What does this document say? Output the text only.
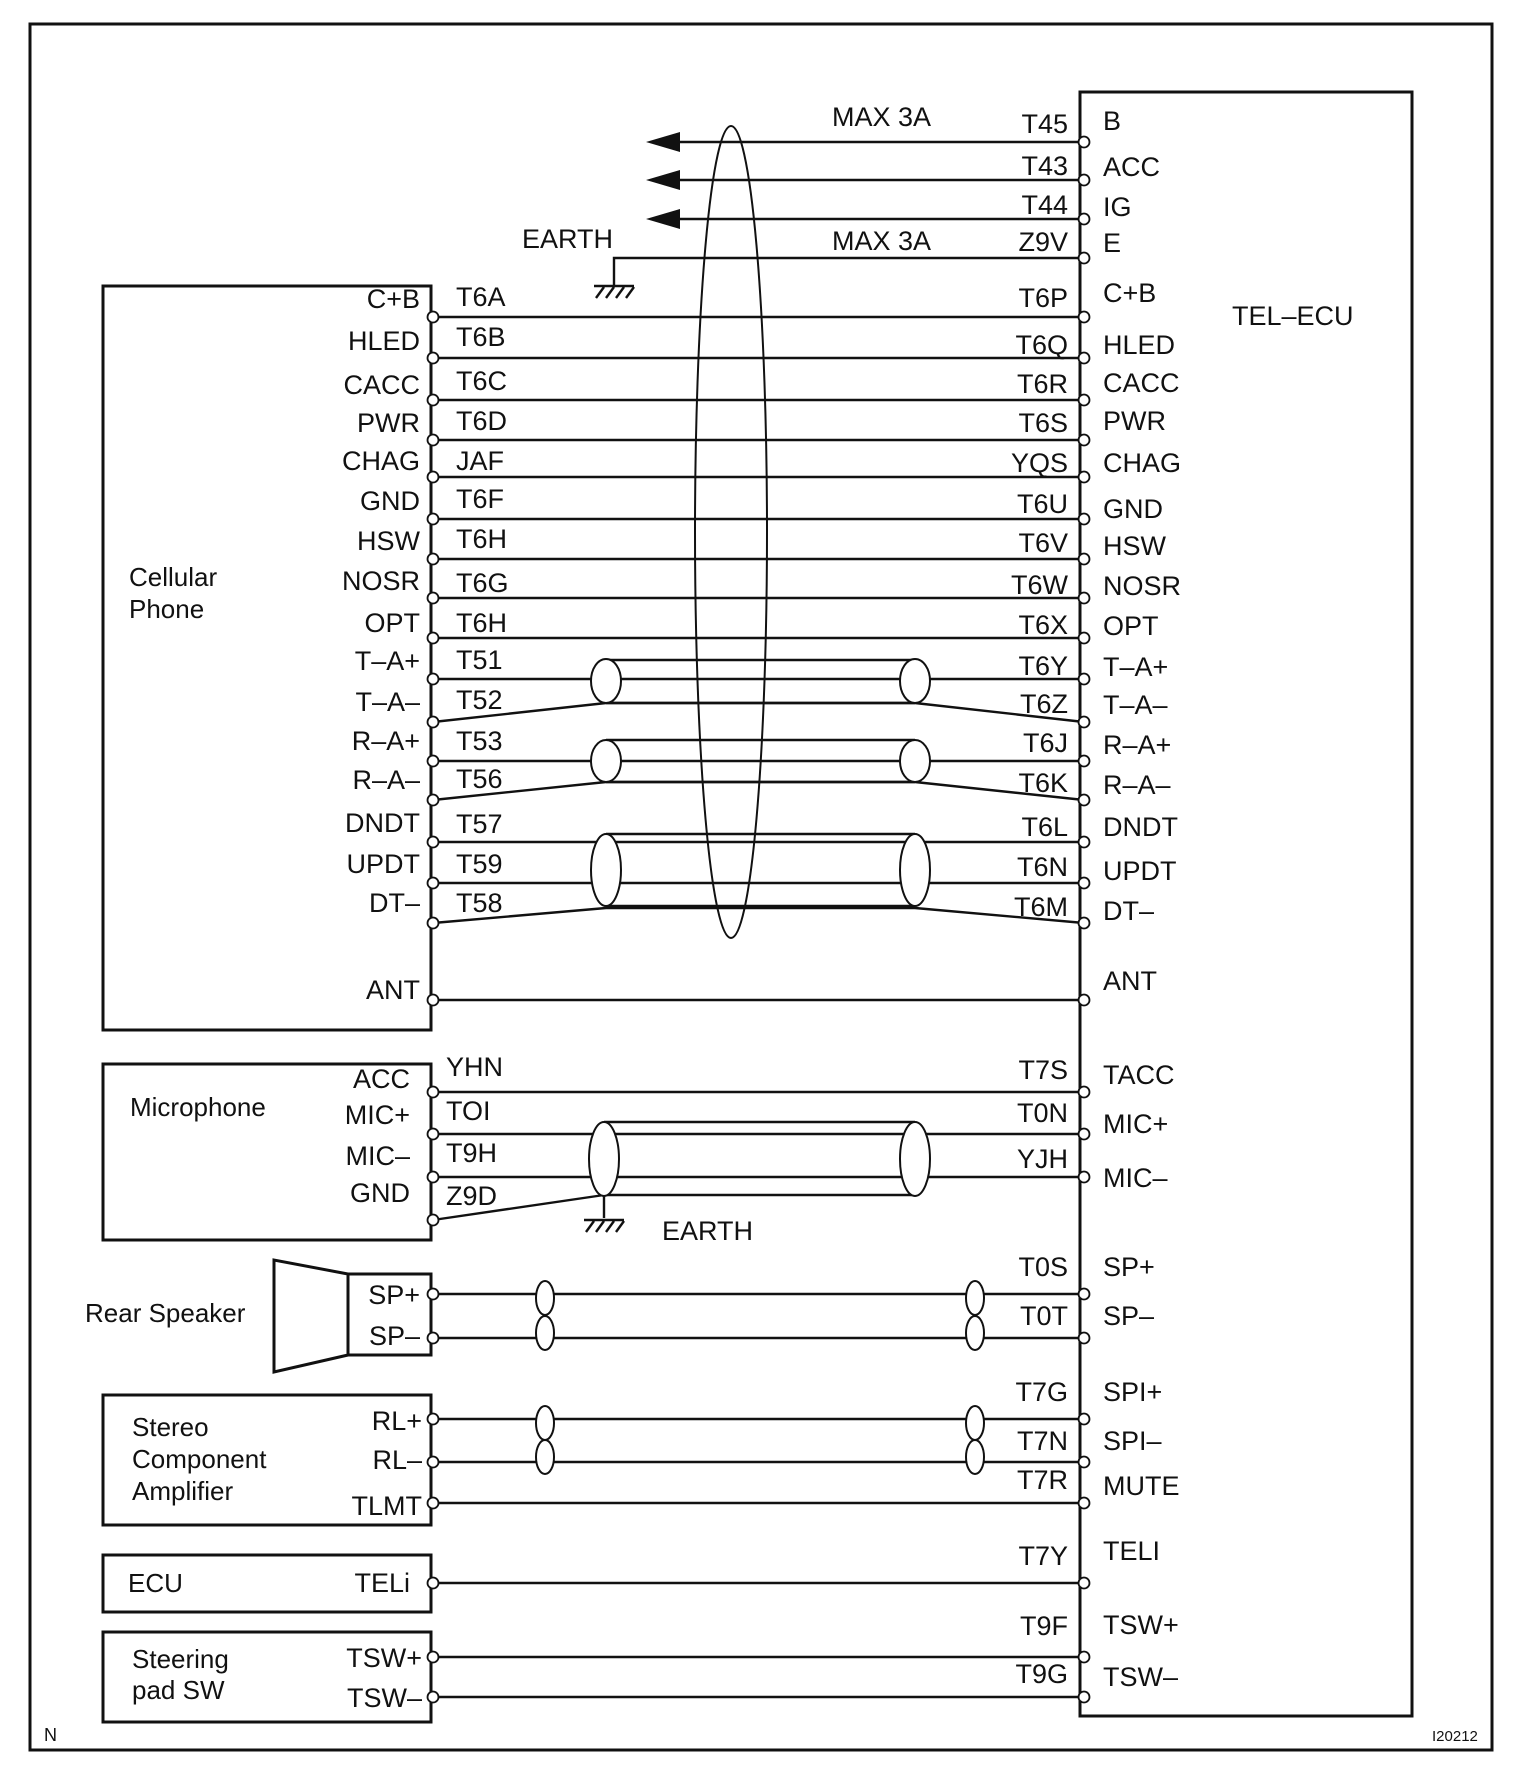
TEL–ECU
Cellular Phone
Microphone
Rear Speaker
Stereo Component Amplifier
ECU
Steering pad SW
EARTH
MAX 3A
MAX 3A
EARTH
B
T45
ACC
T43
IG
T44
E
Z9V
C+B
T6P
HLED
T6Q
CACC
T6R
PWR
T6S
CHAG
YQS
GND
T6U
HSW
T6V
NOSR
T6W
OPT
T6X
T–A+
T6Y
T–A–
T6Z
R–A+
T6J
R–A–
T6K
DNDT
T6L
UPDT
T6N
DT–
T6M
ANT
TACC
T7S
MIC+
T0N
MIC–
YJH
SP+
T0S
SP–
T0T
SPI+
T7G
SPI–
T7N
MUTE
T7R
TELI
T7Y
TSW+
T9F
TSW–
T9G
C+B T6A
HLED T6B
CACC T6C
PWR T6D
CHAG JAF
GND T6F
HSW T6H
NOSR T6G
OPT T6H
T–A+ T51
T–A– T52
R–A+ T53
R–A– T56
DNDT T57
UPDT T59
DT– T58
ANT
ACC YHN
MIC+ TOI
MIC– T9H
GND Z9D
SP+
SP–
RL+
RL–
TLMT
TELi
TSW+
TSW–
N	I20212
